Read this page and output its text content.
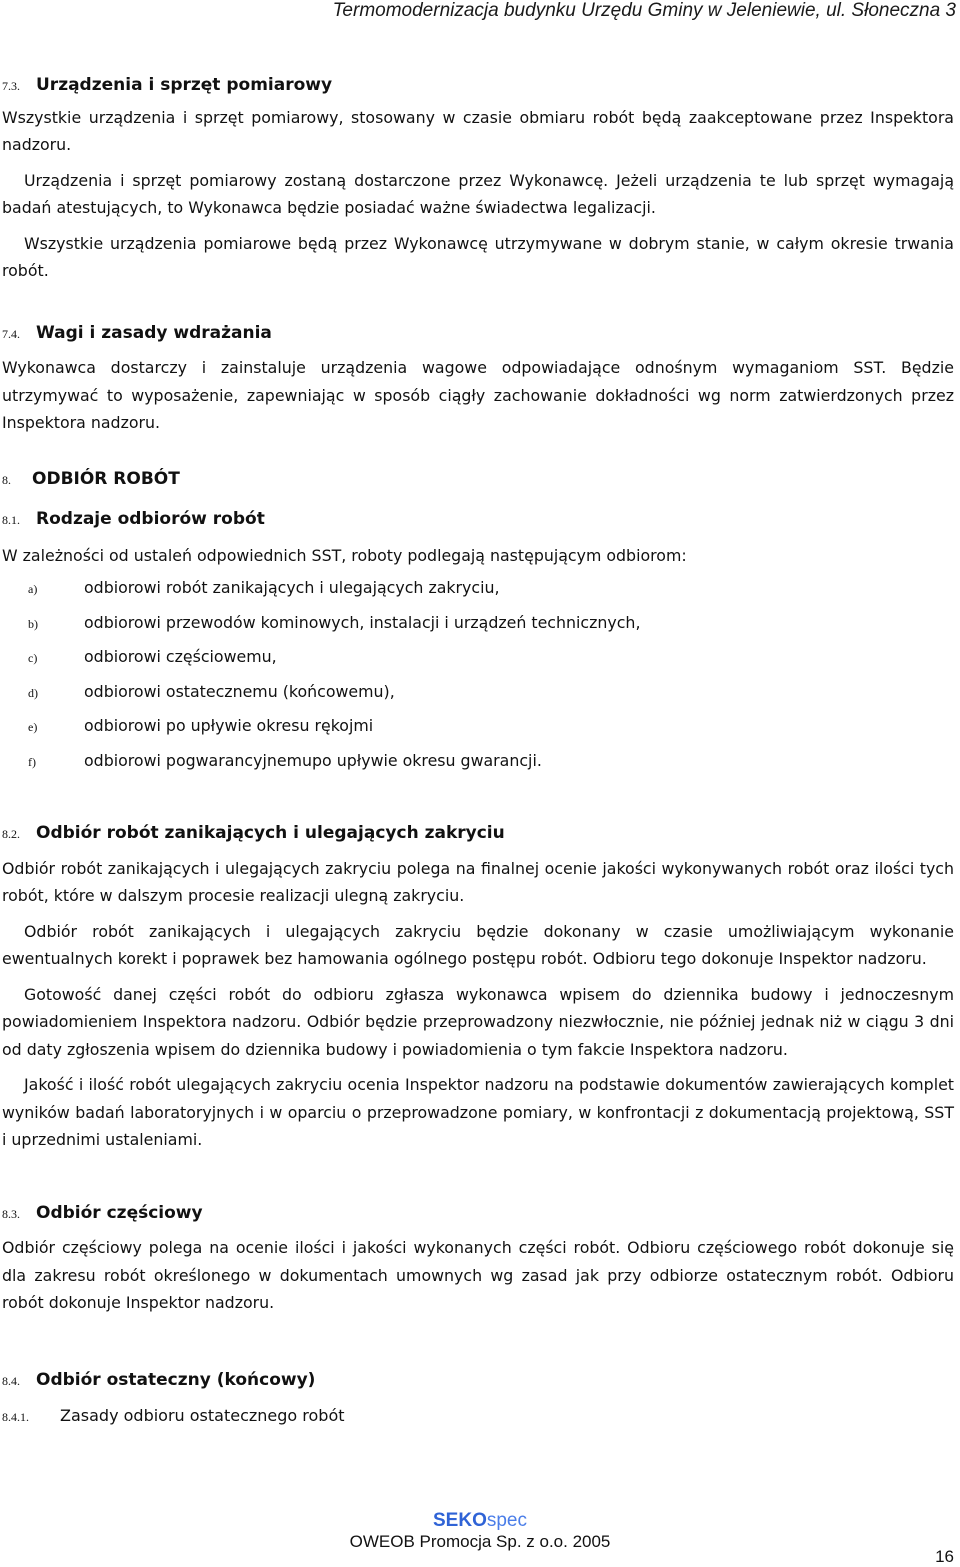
Termomodernizacja budynku Urzędu Gminy w Jeleniewie, ul. Słoneczna 3
7.3. Urządzenia i sprzęt pomiarowy

Wszystkie urządzenia i sprzęt pomiarowy, stosowany w czasie obmiaru robót będą zaakceptowane przez Inspektora nadzoru.

Urządzenia i sprzęt pomiarowy zostaną dostarczone przez Wykonawcę. Jeżeli urządzenia te lub sprzęt wymagają badań atestujących, to Wykonawca będzie posiadać ważne świadectwa legalizacji.

Wszystkie urządzenia pomiarowe będą przez Wykonawcę utrzymywane w dobrym stanie, w całym okresie trwania robót.

7.4. Wagi i zasady wdrażania

Wykonawca dostarczy i zainstaluje urządzenia wagowe odpowiadające odnośnym wymaganiom SST. Będzie utrzymywać to wyposażenie, zapewniając w sposób ciągły zachowanie dokładności wg norm zatwierdzonych przez Inspektora nadzoru.

8. ODBIÓR ROBÓT
8.1. Rodzaje odbiorów robót

W zależności od ustaleń odpowiednich SST, roboty podlegają następującym odbiorom:

a)	odbiorowi robót zanikających i ulegających zakryciu,
b)	odbiorowi przewodów kominowych, instalacji i urządzeń technicznych,
c)	odbiorowi częściowemu,
d)	odbiorowi ostatecznemu (końcowemu),
e)	odbiorowi po upływie okresu rękojmi
f)	odbiorowi pogwarancyjnemupo upływie okresu gwarancji.
8.2. Odbiór robót zanikających i ulegających zakryciu

Odbiór robót zanikających i ulegających zakryciu polega na finalnej ocenie jakości wykonywanych robót oraz ilości tych robót, które w dalszym procesie realizacji ulegną zakryciu.

Odbiór robót zanikających i ulegających zakryciu będzie dokonany w czasie umożliwiającym wykonanie ewentualnych korekt i poprawek bez hamowania ogólnego postępu robót. Odbioru tego dokonuje Inspektor nadzoru.

Gotowość danej części robót do odbioru zgłasza wykonawca wpisem do dziennika budowy i jednoczesnym powiadomieniem Inspektora nadzoru. Odbiór będzie przeprowadzony niezwłocznie, nie później jednak niż w ciągu 3 dni od daty zgłoszenia wpisem do dziennika budowy i powiadomienia o tym fakcie Inspektora nadzoru.

Jakość i ilość robót ulegających zakryciu ocenia Inspektor nadzoru na podstawie dokumentów zawierających komplet wyników badań laboratoryjnych i w oparciu o przeprowadzone pomiary, w konfrontacji z dokumentacją projektową, SST i uprzednimi ustaleniami.

8.3. Odbiór częściowy

Odbiór częściowy polega na ocenie ilości i jakości wykonanych części robót. Odbioru częściowego robót dokonuje się dla zakresu robót określonego w dokumentach umownych wg zasad jak przy odbiorze ostatecznym robót. Odbioru robót dokonuje Inspektor nadzoru.

8.4. Odbiór ostateczny (końcowy)
8.4.1. Zasady odbioru ostatecznego robót
SEKOspec
OWEOB Promocja Sp. z o.o. 2005
16
